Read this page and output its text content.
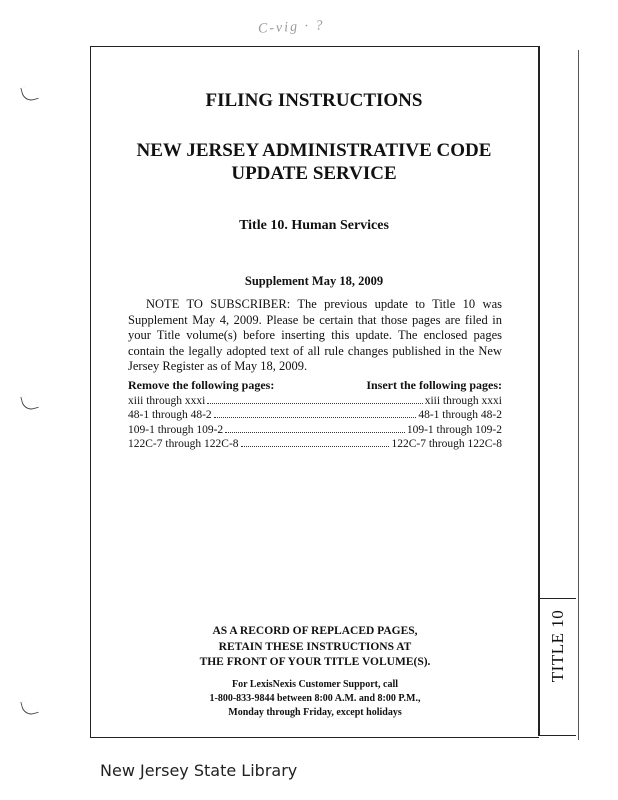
C-vig · ?
TITLE 10
FILING INSTRUCTIONS
NEW JERSEY ADMINISTRATIVE CODE
UPDATE SERVICE
Title 10. Human Services
Supplement May 18, 2009
NOTE TO SUBSCRIBER: The previous update to Title 10 was Supplement May 4, 2009. Please be certain that those pages are filed in your Title volume(s) before inserting this update. The enclosed pages contain the legally adopted text of all rule changes published in the New Jersey Register as of May 18, 2009.
Remove the following pages:	Insert the following pages:
xiii through xxxi	xiii through xxxi
48-1 through 48-2	48-1 through 48-2
109-1 through 109-2	109-1 through 109-2
122C-7 through 122C-8	122C-7 through 122C-8
AS A RECORD OF REPLACED PAGES,
RETAIN THESE INSTRUCTIONS AT
THE FRONT OF YOUR TITLE VOLUME(S).
For LexisNexis Customer Support, call
1-800-833-9844 between 8:00 A.M. and 8:00 P.M.,
Monday through Friday, except holidays
New Jersey State Library
